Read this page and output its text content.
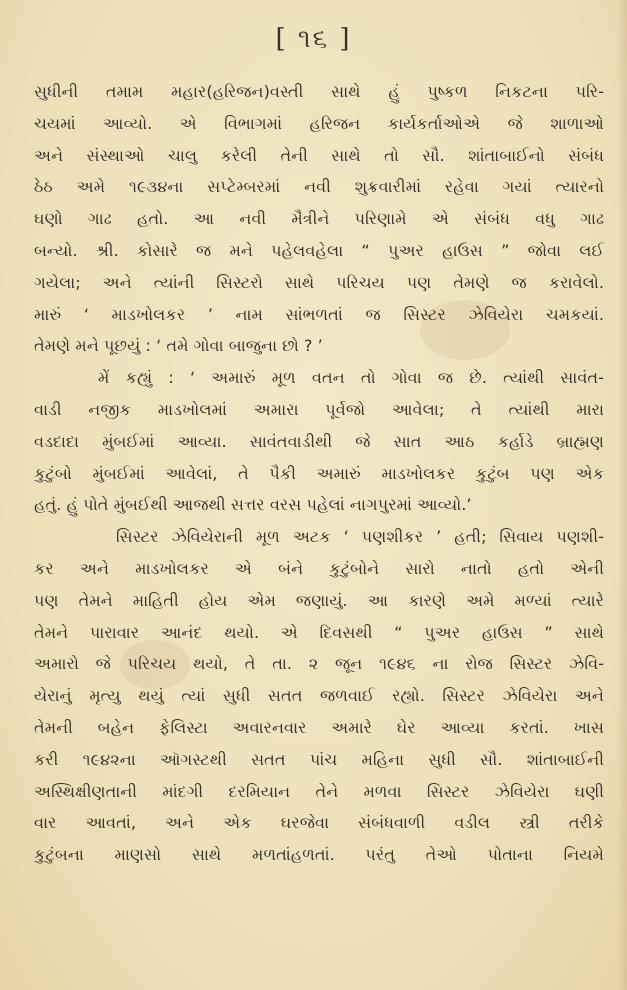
[ ૧૬ ]
સુધીની તમામ મહાર(હરિજન)વસ્તી સાથે હું પુષ્કળ નિકટના પરિ-
ચયમાં આવ્યો. એ વિભાગમાં હરિજન કાર્યકર્તાઓએ જે શાળાઓ
અને સંસ્થાઓ ચાલુ કરેલી તેની સાથે તો સૌ. શાંતાબાઈનો સંબંધ
ઠેઠ અમે ૧૯૩૪ના સપ્ટેમ્બરમાં નવી શુક્રવારીમાં રહેવા ગયાં ત્યારનો
ઘણો ગાઢ હતો. આ નવી મૈત્રીને પરિણામે એ સંબંધ વધુ ગાઢ
બન્યો. શ્રી. કોસારે જ મને પહેલવહેલા “ પુઅર હાઉસ ” જોવા લઈ
ગયેલા; અને ત્યાંની સિસ્ટરો સાથે પરિચય પણ તેમણે જ કરાવેલો.
મારું ‘ માડખોલકર ’ નામ સાંભળતાં જ સિસ્ટર ઝેવિયેરા ચમકયાં.
તેમણે મને પૂછયું : ‘ તમે ગોવા બાજુના છો ? ’
મેં કહ્યું : ‘ અમારું મૂળ વતન તો ગોવા જ છે. ત્યાંથી સાવંત-
વાડી નજીક માડખોલમાં અમારા પૂર્વજો આવેલા; તે ત્યાંથી મારા
વડદાદા મુંબઈમાં આવ્યા. સાવંતવાડીથી જે સાત આઠ કર્હાડે બ્રાહ્મણ
કુટુંબો મુંબઈમાં આવેલાં, તે પૈકી અમારું માડખોલકર કુટુંબ પણ એક
હતું. હું પોતે મુંબઈથી આજથી સત્તર વરસ પહેલાં નાગપુરમાં આવ્યો.’
સિસ્ટર ઝેવિયેરાની મૂળ અટક ‘ પણશીકર ’ હતી; સિવાય પણશી-
કર અને માડખોલકર એ બંને કુટુંબોને સારો નાતો હતો એની
પણ તેમને માહિતી હોય એમ જણાયું. આ કારણે અમે મળ્યાં ત્યારે
તેમને પારાવાર આનંદ થયો. એ દિવસથી “ પુઅર હાઉસ ” સાથે
અમારો જે પરિચય થયો, તે તા. ૨ જૂન ૧૯૪૬ ના રોજ સિસ્ટર ઝેવિ-
યેરાનું મૃત્યુ થયું ત્યાં સુધી સતત જળવાઈ રહ્યો. સિસ્ટર ઝેવિયેરા અને
તેમની બહેન ફેલિસ્ટા અવારનવાર અમારે ઘેર આવ્યા કરતાં. ખાસ
કરી ૧૯૪૨ના ઑગસ્ટથી સતત પાંચ મહિના સુધી સૌ. શાંતાબાઈની
અસ્થિક્ષીણતાની માંદગી દરમિયાન તેને મળવા સિસ્ટર ઝેવિયેરા ઘણી
વાર આવતાં, અને એક ઘરજેવા સંબંધવાળી વડીલ સ્ત્રી તરીકે
કુટુંબના માણસો સાથે મળતાંહળતાં. પરંતુ તેઓ પોતાના નિયમે
